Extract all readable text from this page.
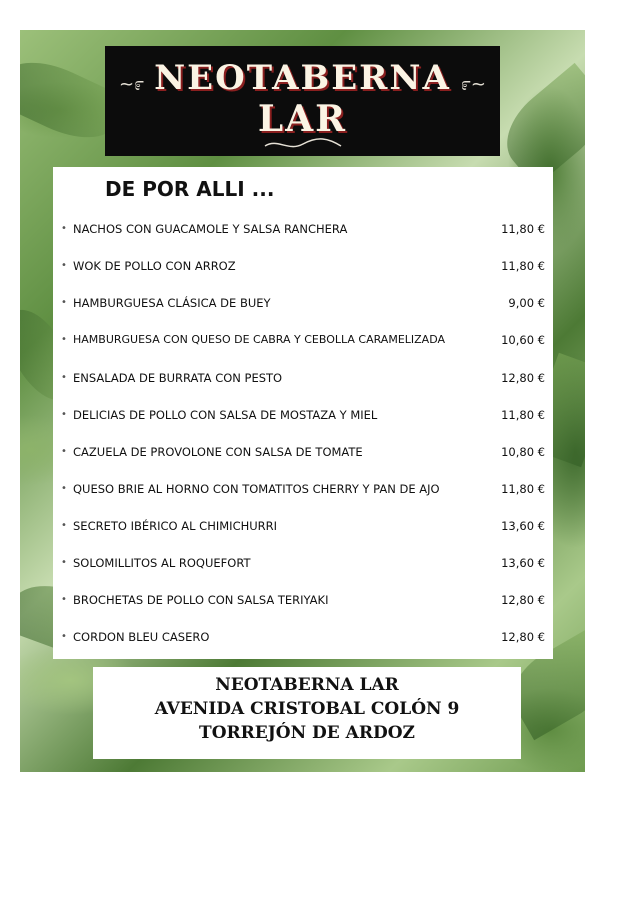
~೯ NEOTABERNA
LAR
೯~
DE POR ALLI ...
• NACHOS CON GUACAMOLE Y SALSA RANCHERA	11,80 €
• WOK DE POLLO CON ARROZ	11,80 €
• HAMBURGUESA CLÁSICA DE BUEY	9,00 €
• HAMBURGUESA CON QUESO DE CABRA Y CEBOLLA CARAMELIZADA	10,60 €
• ENSALADA DE BURRATA CON PESTO	12,80 €
• DELICIAS DE POLLO CON SALSA DE MOSTAZA Y MIEL	11,80 €
• CAZUELA DE PROVOLONE CON SALSA DE TOMATE	10,80 €
• QUESO BRIE AL HORNO CON TOMATITOS CHERRY Y PAN DE AJO	11,80 €
• SECRETO IBÉRICO AL CHIMICHURRI	13,60 €
• SOLOMILLITOS AL ROQUEFORT	13,60 €
• BROCHETAS DE POLLO CON SALSA TERIYAKI	12,80 €
• CORDON BLEU CASERO	12,80 €
NEOTABERNA LAR
AVENIDA CRISTOBAL COLÓN 9
TORREJÓN DE ARDOZ
